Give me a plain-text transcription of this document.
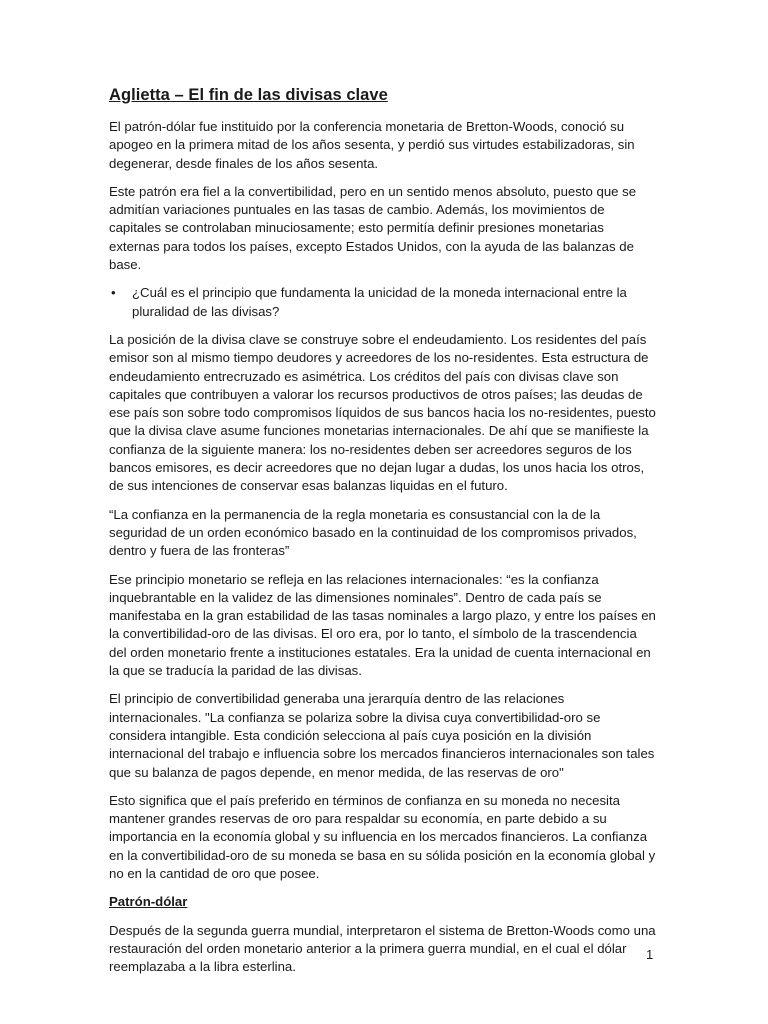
Aglietta – El fin de las divisas clave

El patrón-dólar fue instituido por la conferencia monetaria de Bretton-Woods, conoció su apogeo en la primera mitad de los años sesenta, y perdió sus virtudes estabilizadoras, sin degenerar, desde finales de los años sesenta.

Este patrón era fiel a la convertibilidad, pero en un sentido menos absoluto, puesto que se admitían variaciones puntuales en las tasas de cambio. Además, los movimientos de capitales se controlaban minuciosamente; esto permitía definir presiones monetarias externas para todos los países, excepto Estados Unidos, con la ayuda de las balanzas de base.

• ¿Cuál es el principio que fundamenta la unicidad de la moneda internacional entre la pluralidad de las divisas?

La posición de la divisa clave se construye sobre el endeudamiento. Los residentes del país emisor son al mismo tiempo deudores y acreedores de los no-residentes. Esta estructura de endeudamiento entrecruzado es asimétrica. Los créditos del país con divisas clave son capitales que contribuyen a valorar los recursos productivos de otros países; las deudas de ese país son sobre todo compromisos líquidos de sus bancos hacia los no-residentes, puesto que la divisa clave asume funciones monetarias internacionales. De ahí que se manifieste la confianza de la siguiente manera: los no-residentes deben ser acreedores seguros de los bancos emisores, es decir acreedores que no dejan lugar a dudas, los unos hacia los otros, de sus intenciones de conservar esas balanzas liquidas en el futuro.

“La confianza en la permanencia de la regla monetaria es consustancial con la de la seguridad de un orden económico basado en la continuidad de los compromisos privados, dentro y fuera de las fronteras”

Ese principio monetario se refleja en las relaciones internacionales: “es la confianza inquebrantable en la validez de las dimensiones nominales”. Dentro de cada país se manifestaba en la gran estabilidad de las tasas nominales a largo plazo, y entre los países en la convertibilidad-oro de las divisas. El oro era, por lo tanto, el símbolo de la trascendencia del orden monetario frente a instituciones estatales. Era la unidad de cuenta internacional en la que se traducía la paridad de las divisas.

El principio de convertibilidad generaba una jerarquía dentro de las relaciones internacionales. "La confianza se polariza sobre la divisa cuya convertibilidad-oro se considera intangible. Esta condición selecciona al país cuya posición en la división internacional del trabajo e influencia sobre los mercados financieros internacionales son tales que su balanza de pagos depende, en menor medida, de las reservas de oro"

Esto significa que el país preferido en términos de confianza en su moneda no necesita mantener grandes reservas de oro para respaldar su economía, en parte debido a su importancia en la economía global y su influencia en los mercados financieros. La confianza en la convertibilidad-oro de su moneda se basa en su sólida posición en la economía global y no en la cantidad de oro que posee.

Patrón-dólar

Después de la segunda guerra mundial, interpretaron el sistema de Bretton-Woods como una restauración del orden monetario anterior a la primera guerra mundial, en el cual el dólar reemplazaba a la libra esterlina.

1
